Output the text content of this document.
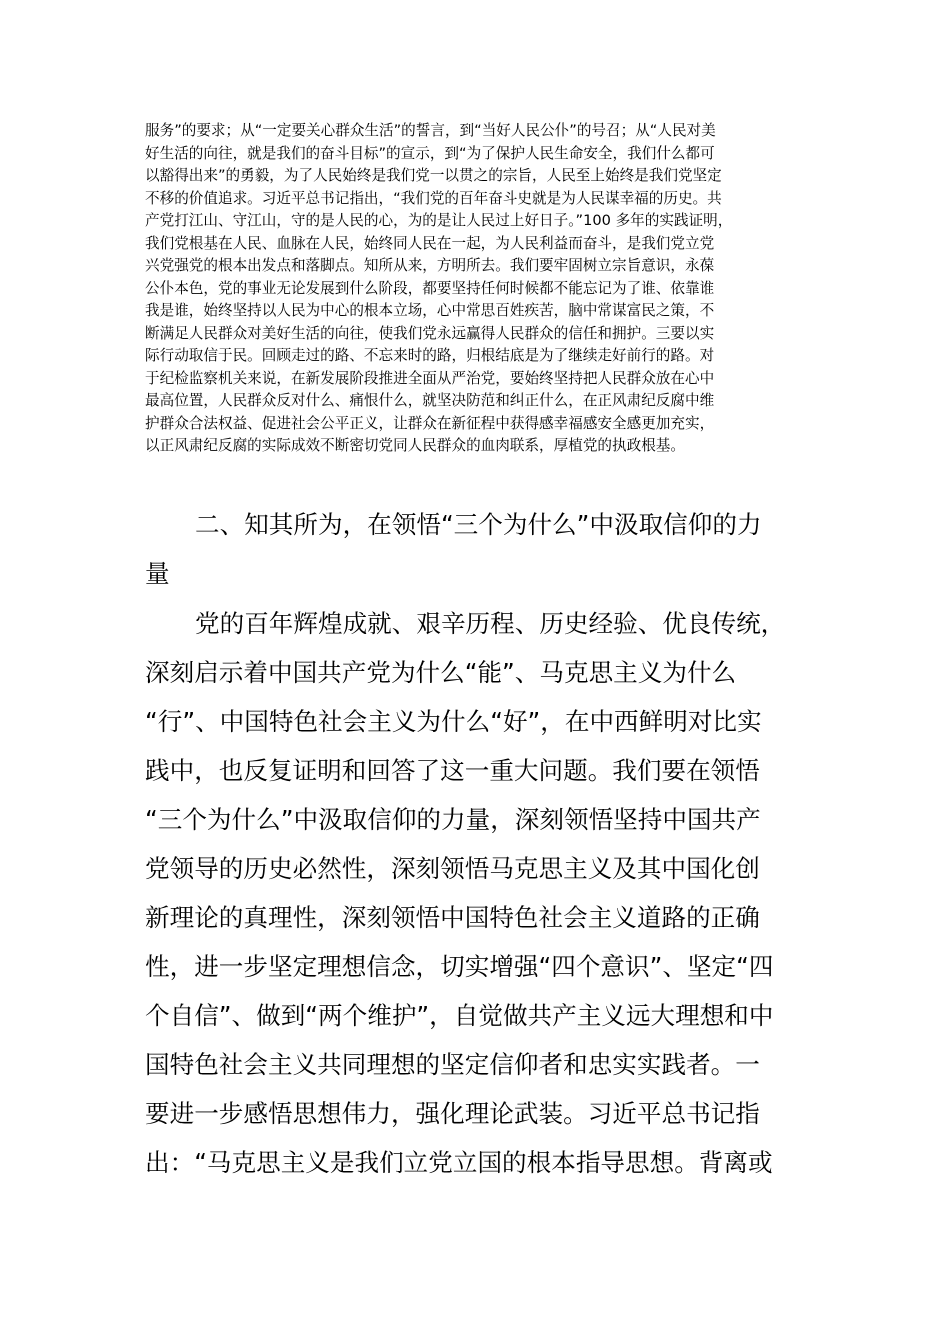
服务”的要求；从“一定要关心群众生活”的誓言，到“当好人民公仆”的号召；从“人民对美
好生活的向往，就是我们的奋斗目标”的宣示，到“为了保护人民生命安全，我们什么都可
以豁得出来”的勇毅，为了人民始终是我们党一以贯之的宗旨，人民至上始终是我们党坚定
不移的价值追求。习近平总书记指出，“我们党的百年奋斗史就是为人民谋幸福的历史。共
产党打江山、守江山，守的是人民的心，为的是让人民过上好日子。”100 多年的实践证明，
我们党根基在人民、血脉在人民，始终同人民在一起，为人民利益而奋斗，是我们党立党
兴党强党的根本出发点和落脚点。知所从来，方明所去。我们要牢固树立宗旨意识，永葆
公仆本色，党的事业无论发展到什么阶段，都要坚持任何时候都不能忘记为了谁、依靠谁
我是谁，始终坚持以人民为中心的根本立场，心中常思百姓疾苦，脑中常谋富民之策，不
断满足人民群众对美好生活的向往，使我们党永远赢得人民群众的信任和拥护。三要以实
际行动取信于民。回顾走过的路、不忘来时的路，归根结底是为了继续走好前行的路。对
于纪检监察机关来说，在新发展阶段推进全面从严治党，要始终坚持把人民群众放在心中
最高位置，人民群众反对什么、痛恨什么，就坚决防范和纠正什么，在正风肃纪反腐中维
护群众合法权益、促进社会公平正义，让群众在新征程中获得感幸福感安全感更加充实，
以正风肃纪反腐的实际成效不断密切党同人民群众的血肉联系，厚植党的执政根基。
二、知其所为，在领悟“三个为什么”中汲取信仰的力
量
党的百年辉煌成就、艰辛历程、历史经验、优良传统，
深刻启示着中国共产党为什么“能”、马克思主义为什么
“行”、中国特色社会主义为什么“好”，在中西鲜明对比实
践中，也反复证明和回答了这一重大问题。我们要在领悟
“三个为什么”中汲取信仰的力量，深刻领悟坚持中国共产
党领导的历史必然性，深刻领悟马克思主义及其中国化创
新理论的真理性，深刻领悟中国特色社会主义道路的正确
性，进一步坚定理想信念，切实增强“四个意识”、坚定“四
个自信”、做到“两个维护”，自觉做共产主义远大理想和中
国特色社会主义共同理想的坚定信仰者和忠实实践者。一
要进一步感悟思想伟力，强化理论武装。习近平总书记指
出：“马克思主义是我们立党立国的根本指导思想。背离或
